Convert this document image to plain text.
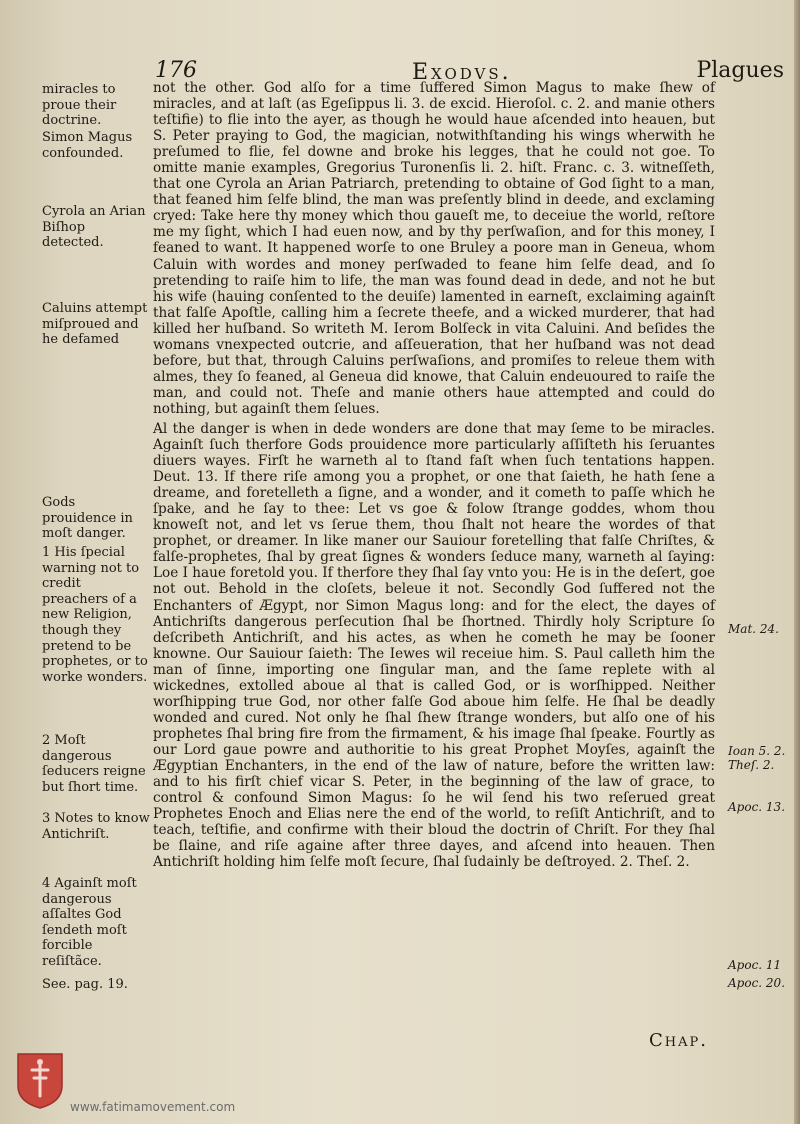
176	Exodvs.	Plagues

not the other. God alſo for a time ſuffered Simon Magus to make ſhew of miracles, and at laſt (as Egeſippus li. 3. de excid. Hieroſol. c. 2. and manie others teſtifie) to flie into the ayer, as though he would haue aſcended into heauen, but S. Peter praying to God, the magician, notwithſtanding his wings wherwith he preſumed to flie, fel downe and broke his legges, that he could not goe. To omitte manie examples, Gregorius Turonenſis li. 2. hiſt. Franc. c. 3. witneſſeth, that one Cyrola an Arian Patriarch, pretending to obtaine of God ſight to a man, that feaned him ſelfe blind, the man was preſently blind in deede, and exclaming cryed: Take here thy money which thou gaueſt me, to deceiue the world, reſtore me my ſight, which I had euen now, and by thy perſwaſion, and for this money, I feaned to want. It happened worſe to one Bruley a poore man in Geneua, whom Caluin with wordes and money perſwaded to feane him ſelfe dead, and ſo pretending to raiſe him to life, the man was found dead in dede, and not he but his wife (hauing conſented to the deuiſe) lamented in earneſt, exclaiming againſt that falſe Apoſtle, calling him a ſecrete theefe, and a wicked murderer, that had killed her huſband. So writeth M. Ierom Bolſeck in vita Caluini. And beſides the womans vnexpected outcrie, and aſſeueration, that her huſband was not dead before, but that, through Caluins perſwaſions, and promiſes to releue them with almes, they ſo feaned, al Geneua did knowe, that Caluin endeuoured to raiſe the man, and could not. Theſe and manie others haue attempted and could do nothing, but againſt them ſelues.

Al the danger is when in dede wonders are done that may ſeme to be miracles. Againſt ſuch therfore Gods prouidence more particularly aſſiſteth his ſeruantes diuers wayes. Firſt he warneth al to ſtand faſt when ſuch tentations happen. Deut. 13. If there riſe among you a prophet, or one that ſaieth, he hath ſene a dreame, and foretelleth a ſigne, and a wonder, and it cometh to paſſe which he ſpake, and he ſay to thee: Let vs goe & folow ſtrange goddes, whom thou knoweſt not, and let vs ſerue them, thou ſhalt not heare the wordes of that prophet, or dreamer. In like maner our Sauiour foretelling that falſe Chriſtes, & falſe-prophetes, ſhal by great ſignes & wonders ſeduce many, warneth al ſaying: Loe I haue foretold you. If therfore they ſhal ſay vnto you: He is in the deſert, goe not out. Behold in the cloſets, beleue it not. Secondly God ſuffered not the Enchanters of Ægypt, nor Simon Magus long: and for the elect, the dayes of Antichriſts dangerous perſecution ſhal be ſhortned. Thirdly holy Scripture ſo deſcribeth Antichriſt, and his actes, as when he cometh he may be ſooner knowne. Our Sauiour ſaieth: The Iewes wil receiue him. S. Paul calleth him the man of ſinne, importing one ſingular man, and the ſame replete with al wickednes, extolled aboue al that is called God, or is worſhipped. Neither worſhipping true God, nor other falſe God aboue him ſelfe. He ſhal be deadly wonded and cured. Not only he ſhal ſhew ſtrange wonders, but alſo one of his prophetes ſhal bring fire from the firmament, & his image ſhal ſpeake. Fourtly as our Lord gaue powre and authoritie to his great Prophet Moyſes, againſt the Ægyptian Enchanters, in the end of the law of nature, before the written law: and to his firſt chief vicar S. Peter, in the beginning of the law of grace, to control & confound Simon Magus: ſo he wil ſend his two reſerued great Prophetes Enoch and Elias nere the end of the world, to reſiſt Antichriſt, and to teach, teſtifie, and confirme with their bloud the doctrin of Chriſt. For they ſhal be ſlaine, and riſe againe after three dayes, and aſcend into heauen. Then Antichriſt holding him ſelfe moſt ſecure, ſhal ſudainly be deſtroyed. 2. Theſ. 2.

miracles to proue their doctrine.
Simon Magus confounded.
Cyrola an Arian Biſhop detected.
Caluins attempt miſproued and he defamed
Gods prouidence in moſt danger.
1 His ſpecial warning not to credit preachers of a new Religion, though they pretend to be prophetes, or to worke wonders.
2 Moſt dangerous ſeducers reigne but ſhort time.
3 Notes to know Antichriſt.
4 Againſt moſt dangerous aſſaltes God ſendeth moſt forcible reſiſtãce.
See. pag. 19.
Mat. 24.
Ioan 5. 2. Theſ. 2.
Apoc. 13.
Apoc. 11
Apoc. 20.
Chap.
www.fatimamovement.com
